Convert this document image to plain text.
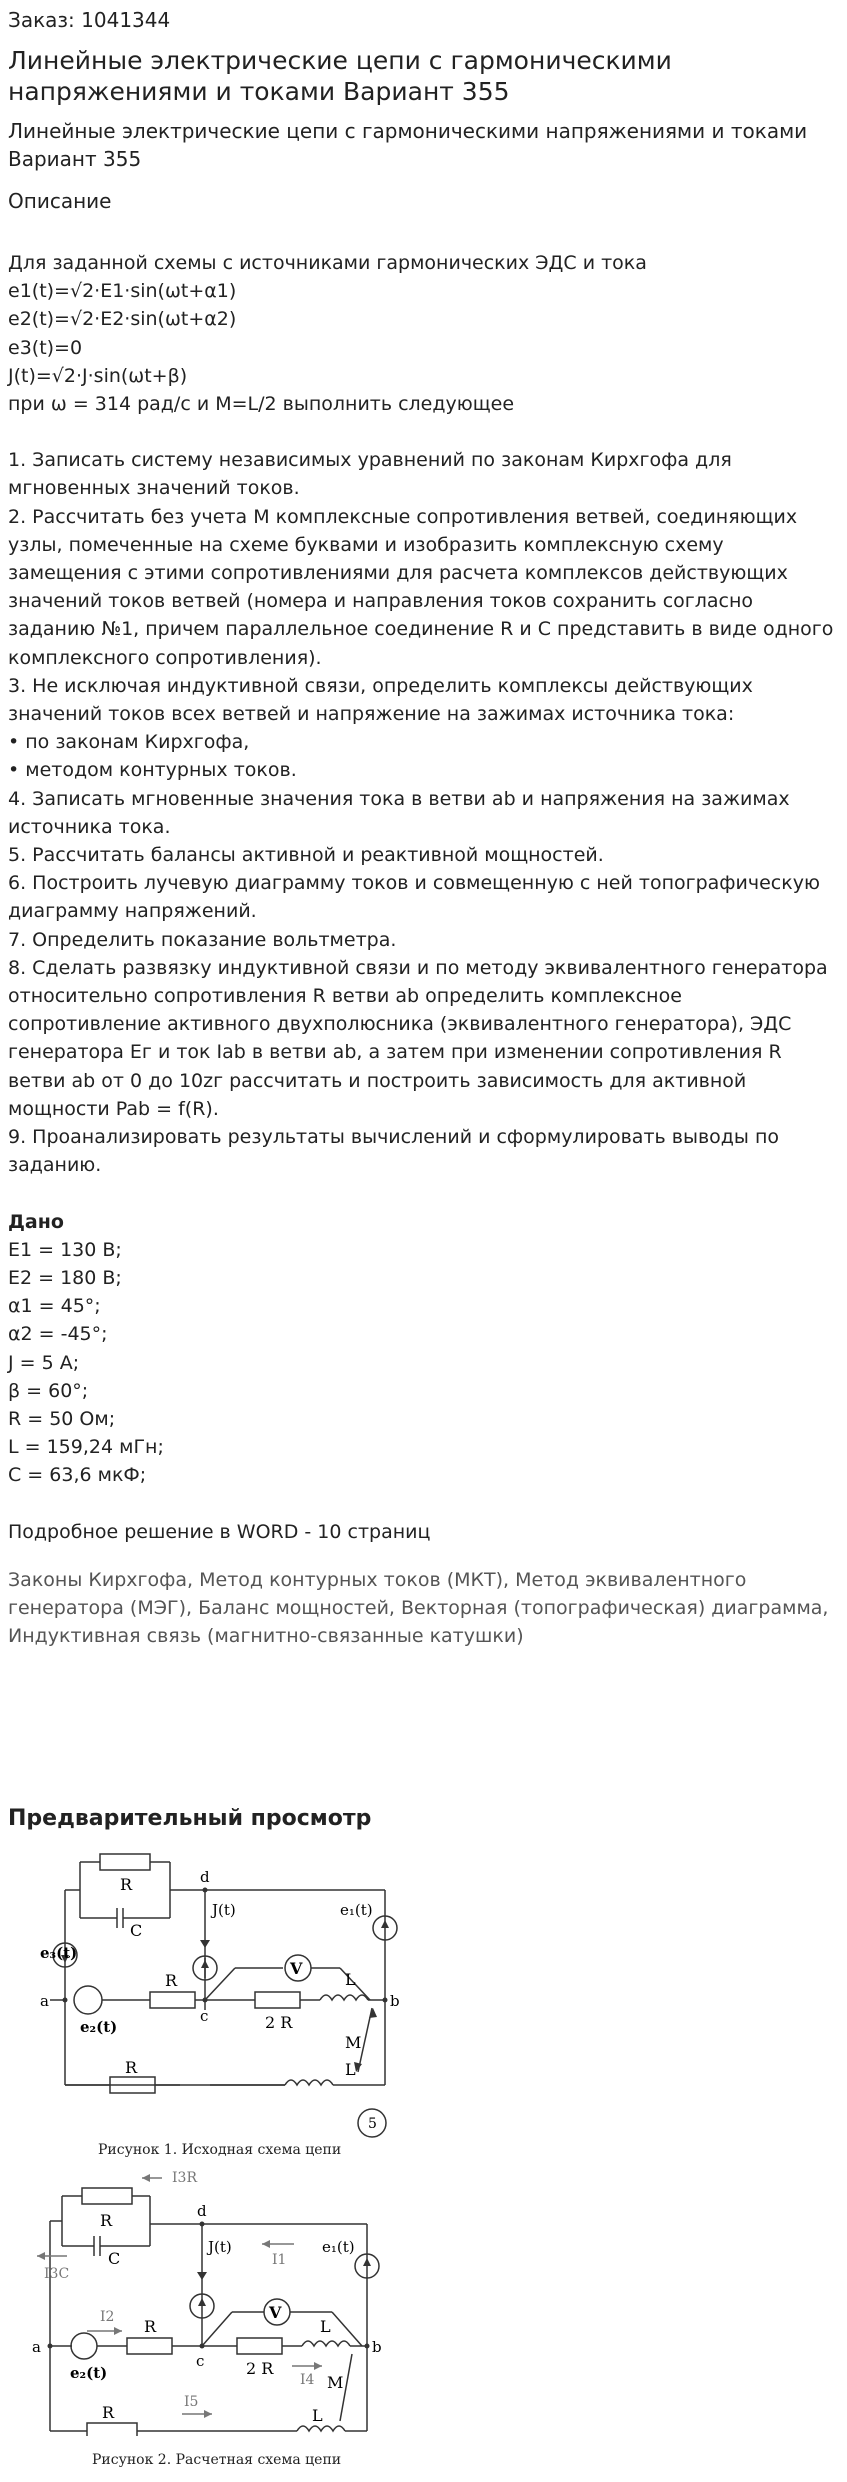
Заказ: 1041344
Линейные электрические цепи с гармоническими напряжениями и токами Вариант 355
Линейные электрические цепи с гармоническими напряжениями и токами Вариант 355
Описание
Для заданной схемы с источниками гармонических ЭДС и тока
e1(t)=√2·E1·sin(ωt+α1)
e2(t)=√2·E2·sin(ωt+α2)
e3(t)=0
J(t)=√2·J·sin(ωt+β)
при ω = 314 рад/с и M=L/2 выполнить следующее
1. Записать систему независимых уравнений по законам Кирхгофа для мгновенных значений токов.
2. Рассчитать без учета M комплексные сопротивления ветвей, соединяющих узлы, помеченные на схеме буквами и изобразить комплексную схему замещения с этими сопротивлениями для расчета комплексов действующих значений токов ветвей (номера и направления токов сохранить согласно заданию №1, причем параллельное соединение R и C представить в виде одного комплексного сопротивления).
3. Не исключая индуктивной связи, определить комплексы действующих значений токов всех ветвей и напряжение на зажимах источника тока:
• по законам Кирхгофа,
• методом контурных токов.
4. Записать мгновенные значения тока в ветви ab и напряжения на зажимах источника тока.
5. Рассчитать балансы активной и реактивной мощностей.
6. Построить лучевую диаграмму токов и совмещенную с ней топографическую диаграмму напряжений.
7. Определить показание вольтметра.
8. Сделать развязку индуктивной связи и по методу эквивалентного генератора относительно сопротивления R ветви ab определить комплексное сопротивление активного двухполюсника (эквивалентного генератора), ЭДС генератора Eг и ток Iab в ветви ab, а затем при изменении сопротивления R ветви ab от 0 до 10zг рассчитать и построить зависимость для активной мощности Pab = f(R).
9. Проанализировать результаты вычислений и сформулировать выводы по заданию.
Дано
E1 = 130 В;
E2 = 180 В;
α1 = 45°;
α2 = -45°;
J = 5 А;
β = 60°;
R = 50 Ом;
L = 159,24 мГн;
C = 63,6 мкФ;
Подробное решение в WORD - 10 страниц
Законы Кирхгофа, Метод контурных токов (МКТ), Метод эквивалентного генератора (МЭГ), Баланс мощностей, Векторная (топографическая) диаграмма, Индуктивная связь (магнитно-связанные катушки)
Предварительный просмотр
R
C
d
J(t)	e₁(t)
e₃(t)
a
R
V
L
b
e₂(t)
c	2 R
M
R	L
5
Рисунок 1. Исходная схема цепи
I3R
R	d
J(t)
I1
e₁(t)
C
I3C
I2
a
R
V
L
b
e₂(t)
c	2 R
I4 M
I5
R	L
Рисунок 2. Расчетная схема цепи
